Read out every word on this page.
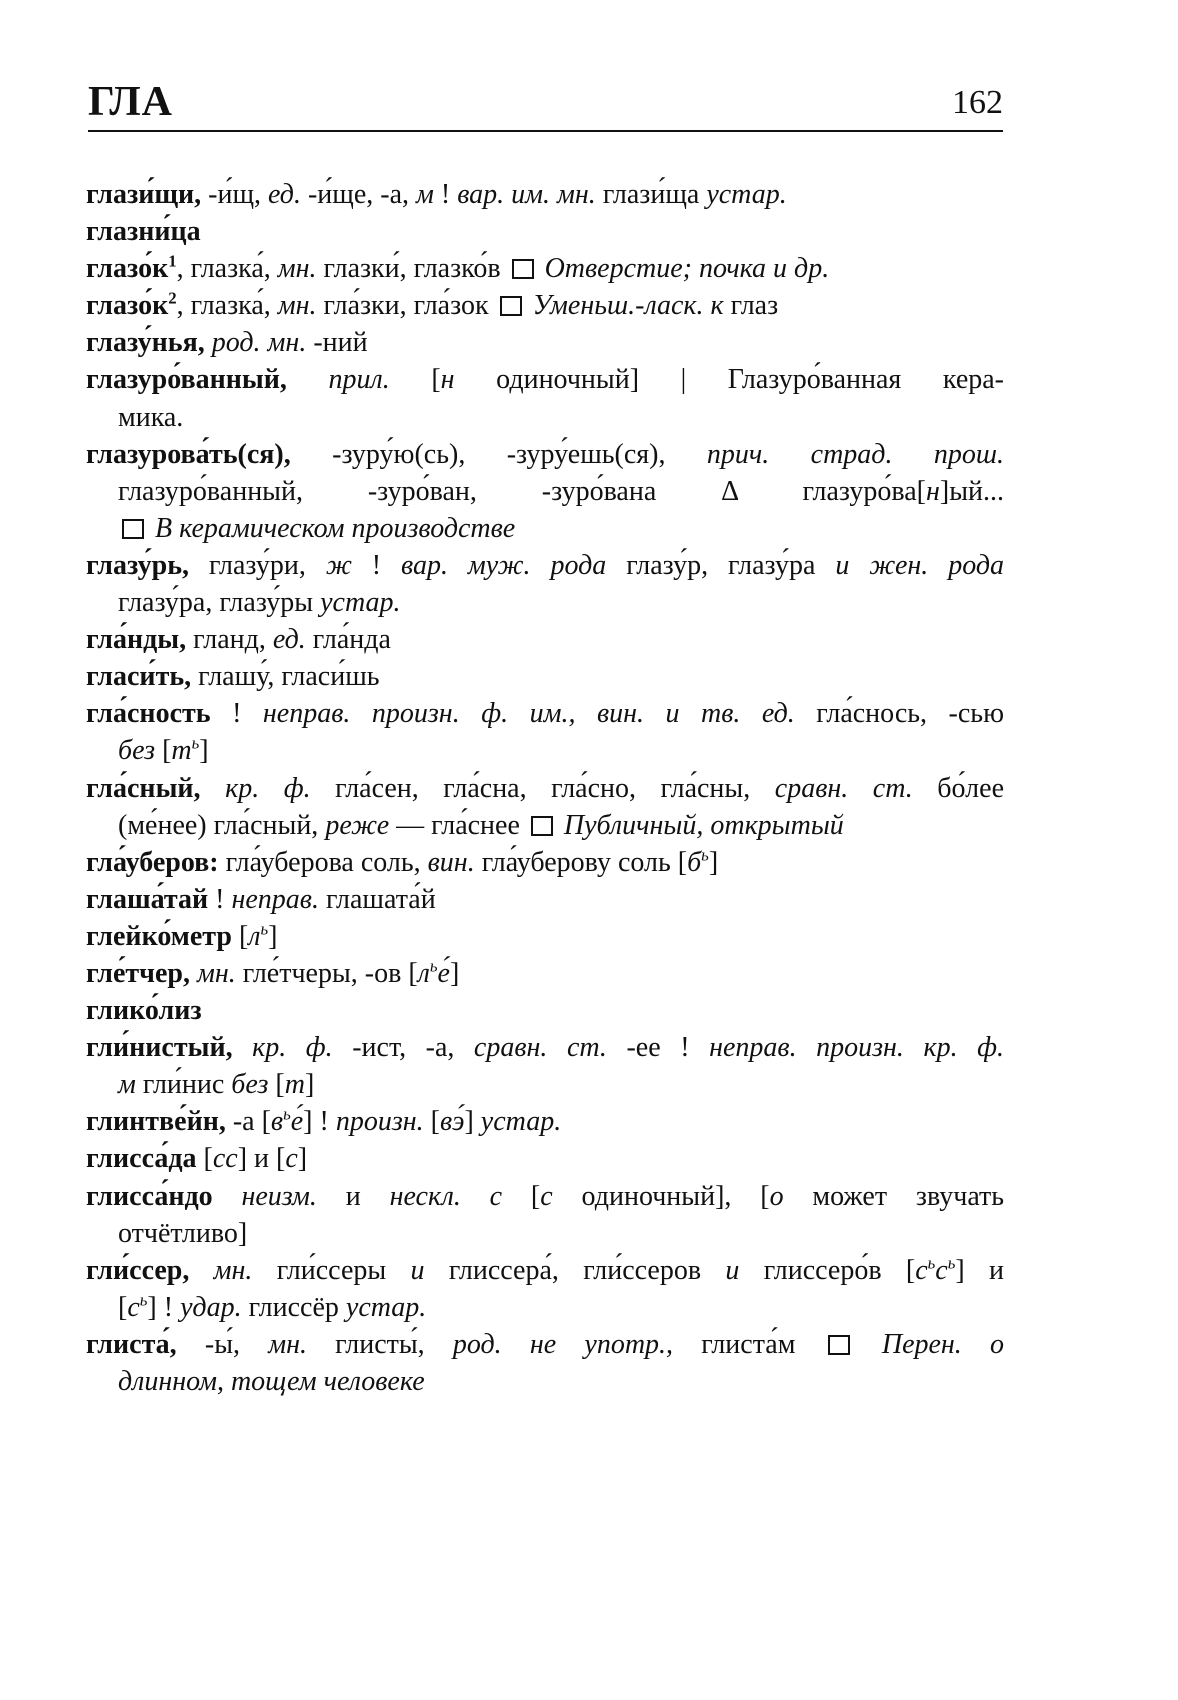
ГЛА	162
глази́щи, -и́щ, ед. -и́ще, -а, м ! вар. им. мн. глази́ща устар.
глазни́ца
$глазо́к^1$, глазка́, мн. глазки́, глазко́в  Отверстие; почка и др.
$глазо́к^2$, глазка́, мн. гла́зки, гла́зок  Уменьш.-ласк. к глаз
глазу́нья, род. мн. -ний
глазуро́ванный, прил. [н одиночный] | Глазуро́ванная кера-
мика.
глазурова́ть(ся), -зуру́ю(сь), -зуру́ешь(ся), прич. страд. прош.
глазуро́ванный, -зуро́ван, -зуро́вана Δ глазуро́ва[н]ый...
В керамическом производстве
глазу́рь, глазу́ри, ж ! вар. муж. рода глазу́р, глазу́ра и жен. рода
глазу́ра, глазу́ры устар.
гла́нды, гланд, ед. гла́нда
гласи́ть, глашу́, гласи́шь
гла́сность ! неправ. произн. ф. им., вин. и тв. ед. гла́снось, -сью
без $[т^ь]$
гла́сный, кр. ф. гла́сен, гла́сна, гла́сно, гла́сны, сравн. ст. бо́лее
(ме́нее) гла́сный, реже — гла́снее  Публичный, открытый
гла́уберов: гла́уберова соль, вин. гла́уберову соль $[б^ь]$
глаша́тай ! неправ. глашата́й
глейко́метр $[л^ь]$
гле́тчер, мн. гле́тчеры, -ов $[л^ье́]$
глико́лиз
гли́нистый, кр. ф. -ист, -а, сравн. ст. -ее ! неправ. произн. кр. ф.
м гли́нис без [т]
глинтве́йн, -а $[в^ье́]$ ! произн. [вэ́] устар.
глисса́да [сс] и [с]
глисса́ндо неизм. и нескл. с [с одиночный], [о может звучать
отчётливо]
гли́ссер, мн. гли́ссеры и глиссера́, гли́ссеров и глиссеро́в $[с^ьс^ь]$ и
$[с^ь]$ ! удар. глиссёр устар.
глиста́, -ы́, мн. глисты́, род. не употр., глиста́м  Перен. о
длинном, тощем человеке
